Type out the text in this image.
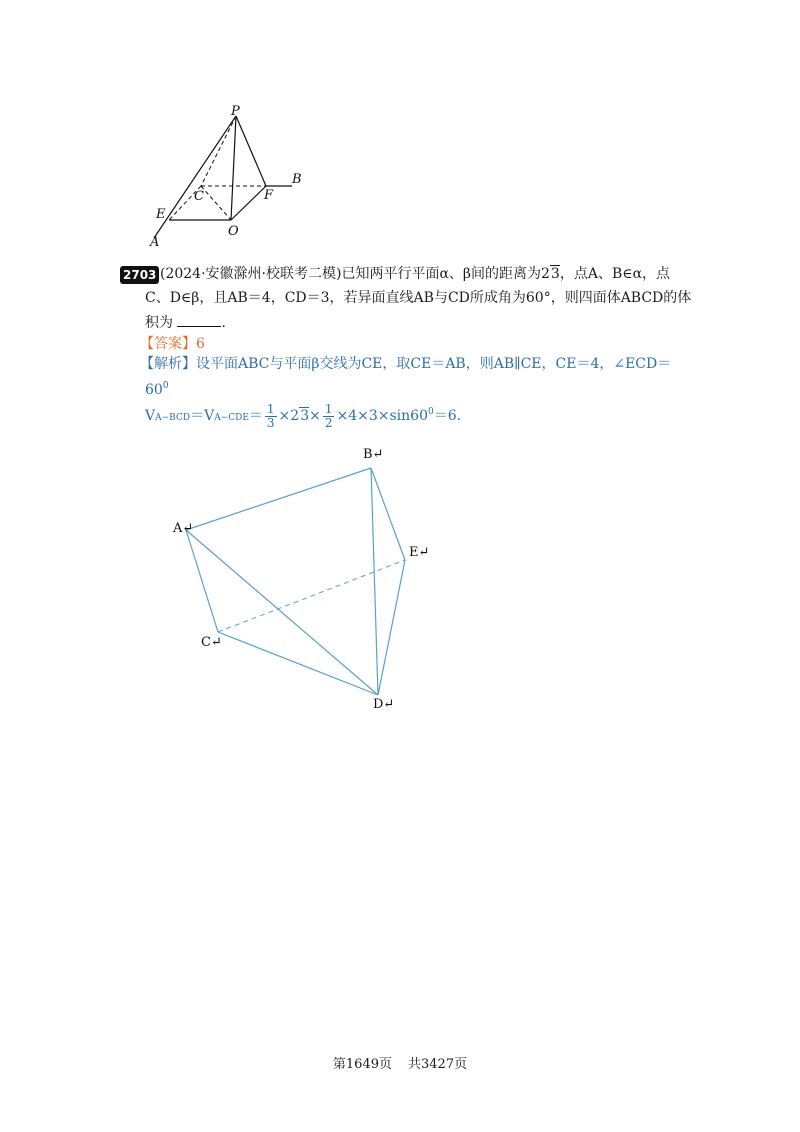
P
B
C	F
E
O
A
2703 (2024·安徽滁州·校联考二模)已知两平行平面α、β间的距离为23，点A、B∈α，点
C、D∈β，且AB＝4，CD＝3，若异面直线AB与CD所成角为60°，则四面体ABCD的体
积为	.
【答案】6
【解析】设平面ABC与平面β交线为CE，取CE＝AB，则AB∥CE，CE＝4，∠ECD＝
$60^0$
$VA-BCD=VA-CDE= \frac{1}{3} \times 23\times \frac{1}{2} \times 4\times 3\times\sin 60^0=6$.
B↵
A↵
E↵
C↵
D↵
第1649页 共3427页
